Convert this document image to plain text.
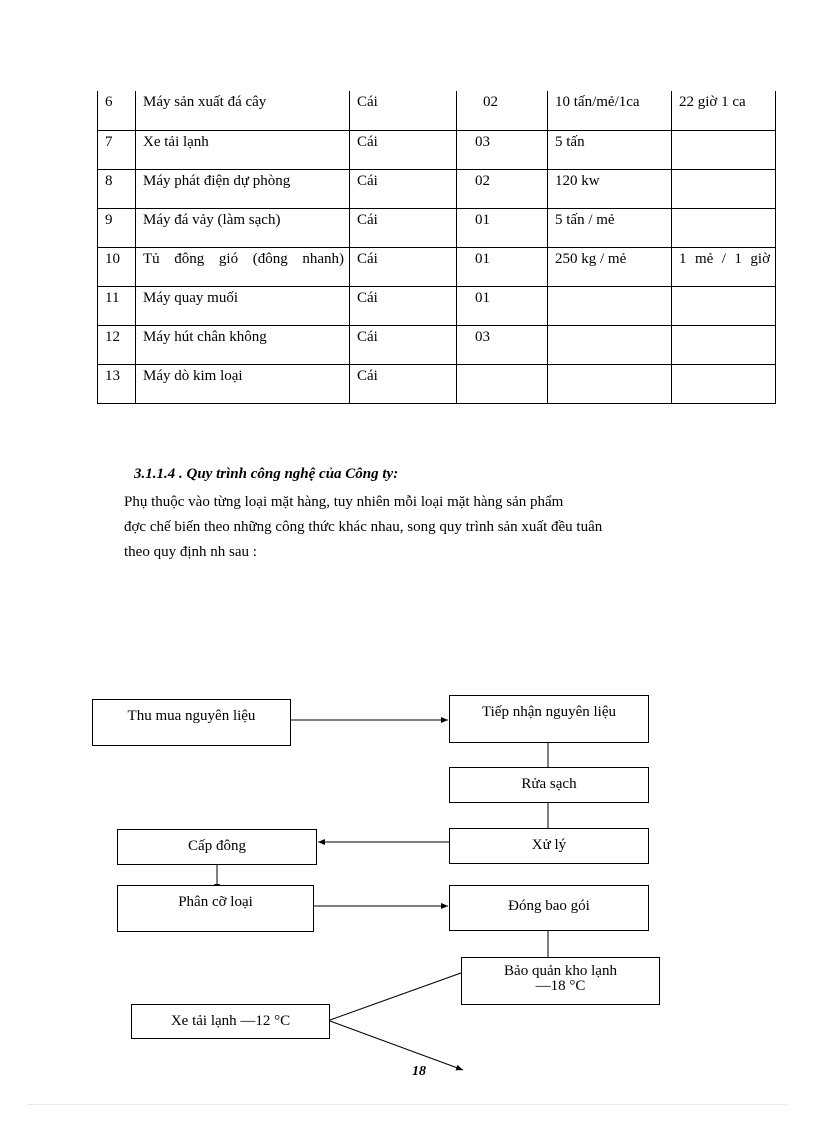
6	Máy sản xuất đá cây	Cái	02	10 tấn/mẻ/1ca	22 giờ 1 ca
7	Xe tải lạnh	Cái	03	5 tấn	
8	Máy phát điện dự phòng	Cái	02	120 kw	
9	Máy đá vảy (làm sạch)	Cái	01	5 tấn / mẻ	
10	Tủ đông gió (đông nhanh)	Cái	01	250 kg / mẻ	1 mẻ / 1 giờ
11	Máy quay muối	Cái	01		
12	Máy hút chân không	Cái	03		
13	Máy dò kim loại	Cái			

3.1.1.4 . Quy trình công nghệ của Công ty:

Phụ thuộc vào từng loại mặt hàng, tuy nhiên mỗi loại mặt hàng sản phẩm
đợc chế biến theo những công thức khác nhau, song quy trình sản xuất đều tuân
theo quy định nh sau :

Thu mua nguyên liệu	Tiếp nhận nguyên liệu
Rửa sạch
Xử lý
Cấp đông
Phân cỡ loại	Đóng bao gói
Bảo quản kho lạnh
—18 °C
Xe tải lạnh —12 °C
18
